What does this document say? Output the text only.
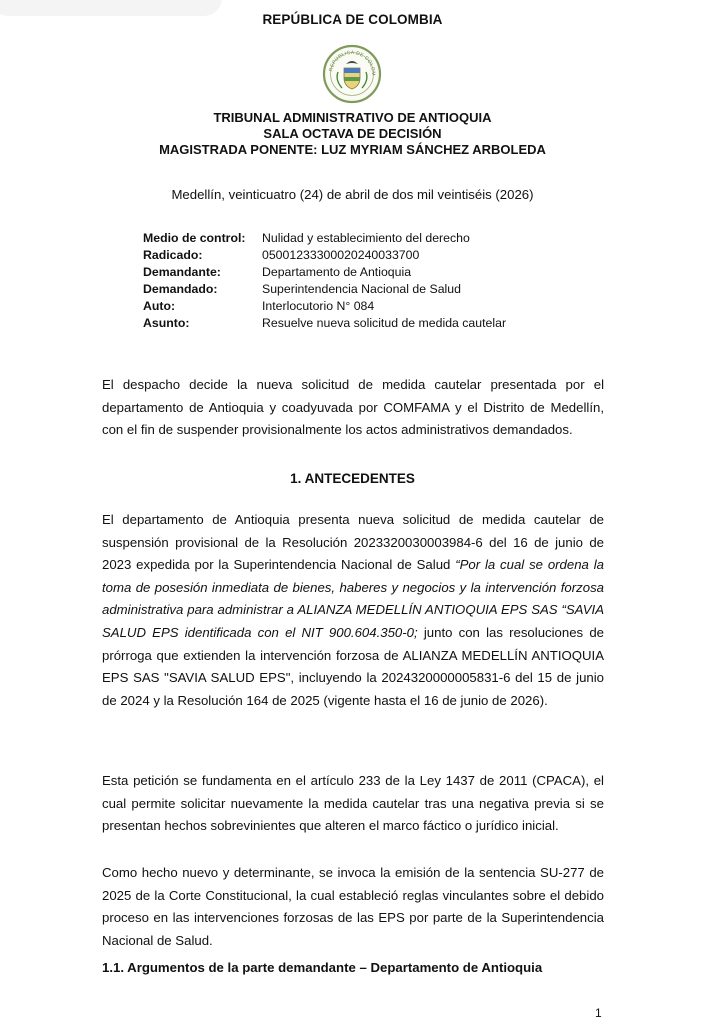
REPÚBLICA DE COLOMBIA
REPÚBLICA DE COLOM
TRIBUNAL ADMINISTRATIVO DE ANTIOQUIA
SALA OCTAVA DE DECISIÓN
MAGISTRADA PONENTE: LUZ MYRIAM SÁNCHEZ ARBOLEDA
Medellín, veinticuatro (24) de abril de dos mil veintiséis (2026)
Medio de control:	Nulidad y establecimiento del derecho
Radicado:	05001233300020240033700
Demandante:	Departamento de Antioquia
Demandado:	Superintendencia Nacional de Salud
Auto:	Interlocutorio N° 084
Asunto:	Resuelve nueva solicitud de medida cautelar
El despacho decide la nueva solicitud de medida cautelar presentada por el departamento de Antioquia y coadyuvada por COMFAMA y el Distrito de Medellín, con el fin de suspender provisionalmente los actos administrativos demandados.
1. ANTECEDENTES
El departamento de Antioquia presenta nueva solicitud de medida cautelar de suspensión provisional de la Resolución 2023320030003984-6 del 16 de junio de 2023 expedida por la Superintendencia Nacional de Salud “Por la cual se ordena la toma de posesión inmediata de bienes, haberes y negocios y la intervención forzosa administrativa para administrar a ALIANZA MEDELLÍN ANTIOQUIA EPS SAS “SAVIA SALUD EPS identificada con el NIT 900.604.350-0; junto con las resoluciones de prórroga que extienden la intervención forzosa de ALIANZA MEDELLÍN ANTIOQUIA EPS SAS "SAVIA SALUD EPS", incluyendo la 2024320000005831-6 del 15 de junio de 2024 y la Resolución 164 de 2025 (vigente hasta el 16 de junio de 2026).
Esta petición se fundamenta en el artículo 233 de la Ley 1437 de 2011 (CPACA), el cual permite solicitar nuevamente la medida cautelar tras una negativa previa si se presentan hechos sobrevinientes que alteren el marco fáctico o jurídico inicial.
Como hecho nuevo y determinante, se invoca la emisión de la sentencia SU-277 de 2025 de la Corte Constitucional, la cual estableció reglas vinculantes sobre el debido proceso en las intervenciones forzosas de las EPS por parte de la Superintendencia Nacional de Salud.
1.1. Argumentos de la parte demandante – Departamento de Antioquia
1
